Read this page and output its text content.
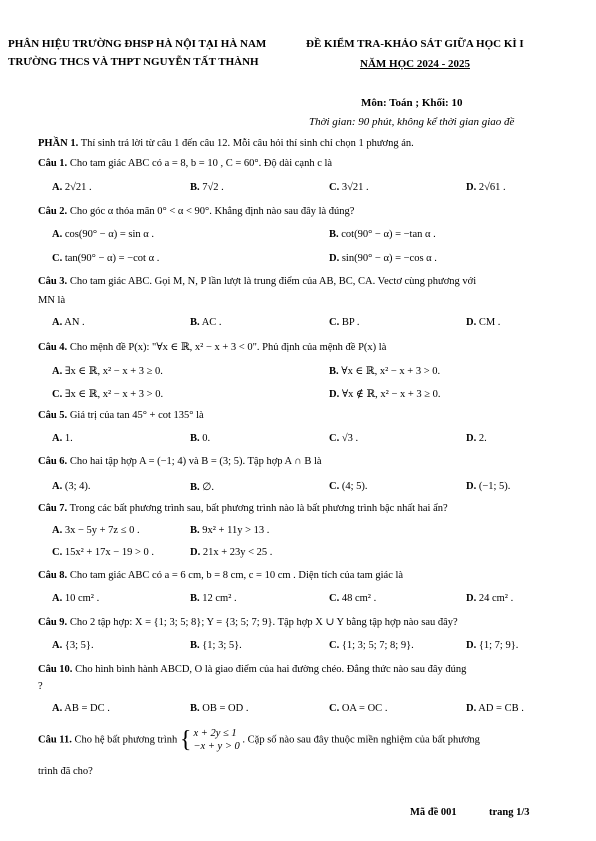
PHÂN HIỆU TRƯỜNG ĐHSP HÀ NỘI TẠI HÀ NAM
TRƯỜNG THCS VÀ THPT NGUYỄN TẤT THÀNH
ĐỀ KIỂM TRA-KHẢO SÁT GIỮA HỌC KÌ I
NĂM HỌC 2024 - 2025
Môn: Toán ; Khối: 10
Thời gian: 90 phút, không kể thời gian giao đề
PHẦN 1. Thí sinh trả lời từ câu 1 đến câu 12. Mỗi câu hỏi thí sinh chỉ chọn 1 phương án.
Câu 1. Cho tam giác ABC có a = 8, b = 10 , C = 60°. Độ dài cạnh c là
A. 2√21 .	B. 7√2 .	C. 3√21 .	D. 2√61 .
Câu 2. Cho góc α thỏa mãn 0° < α < 90°. Khẳng định nào sau đây là đúng?
A. cos(90° − α) = sin α .	B. cot(90° − α) = −tan α .
C. tan(90° − α) = −cot α .	D. sin(90° − α) = −cos α .
Câu 3. Cho tam giác ABC. Gọi M, N, P lần lượt là trung điểm của AB, BC, CA. Vectơ cùng phương với
MN là
A. AN .	B. AC .	C. BP .	D. CM .
Câu 4. Cho mệnh đề P(x): "∀x ∈ ℝ, x² − x + 3 < 0". Phủ định của mệnh đề P(x) là
A. ∃x ∈ ℝ, x² − x + 3 ≥ 0.	B. ∀x ∈ ℝ, x² − x + 3 > 0.
C. ∃x ∈ ℝ, x² − x + 3 > 0.	D. ∀x ∉ ℝ, x² − x + 3 ≥ 0.
Câu 5. Giá trị của tan 45° + cot 135° là
A. 1.	B. 0.	C. √3 .	D. 2.
Câu 6. Cho hai tập hợp A = (−1; 4) và B = (3; 5). Tập hợp A ∩ B là
A. (3; 4).	B. ∅.	C. (4; 5).	D. (−1; 5).
Câu 7. Trong các bất phương trình sau, bất phương trình nào là bất phương trình bậc nhất hai ẩn?
A. 3x − 5y + 7z ≤ 0 .	B. 9x² + 11y > 13 .
C. 15x² + 17x − 19 > 0 .	D. 21x + 23y < 25 .
Câu 8. Cho tam giác ABC có a = 6 cm, b = 8 cm, c = 10 cm . Diện tích của tam giác là
A. 10 cm² .	B. 12 cm² .	C. 48 cm² .	D. 24 cm² .
Câu 9. Cho 2 tập hợp: X = {1; 3; 5; 8}; Y = {3; 5; 7; 9}. Tập hợp X ∪ Y bằng tập hợp nào sau đây?
A. {3; 5}.	B. {1; 3; 5}.	C. {1; 3; 5; 7; 8; 9}.	D. {1; 7; 9}.
Câu 10. Cho hình bình hành ABCD, O là giao điểm của hai đường chéo. Đẳng thức nào sau đây đúng
?
A. AB = DC .	B. OB = OD .	C. OA = OC .	D. AD = CB .
Câu 11. Cho hệ bất phương trình { x + 2y ≤ 1
−x + y > 0 . Cặp số nào sau đây thuộc miền nghiệm của bất phương
trình đã cho?
Mã đề 001	trang 1/3
